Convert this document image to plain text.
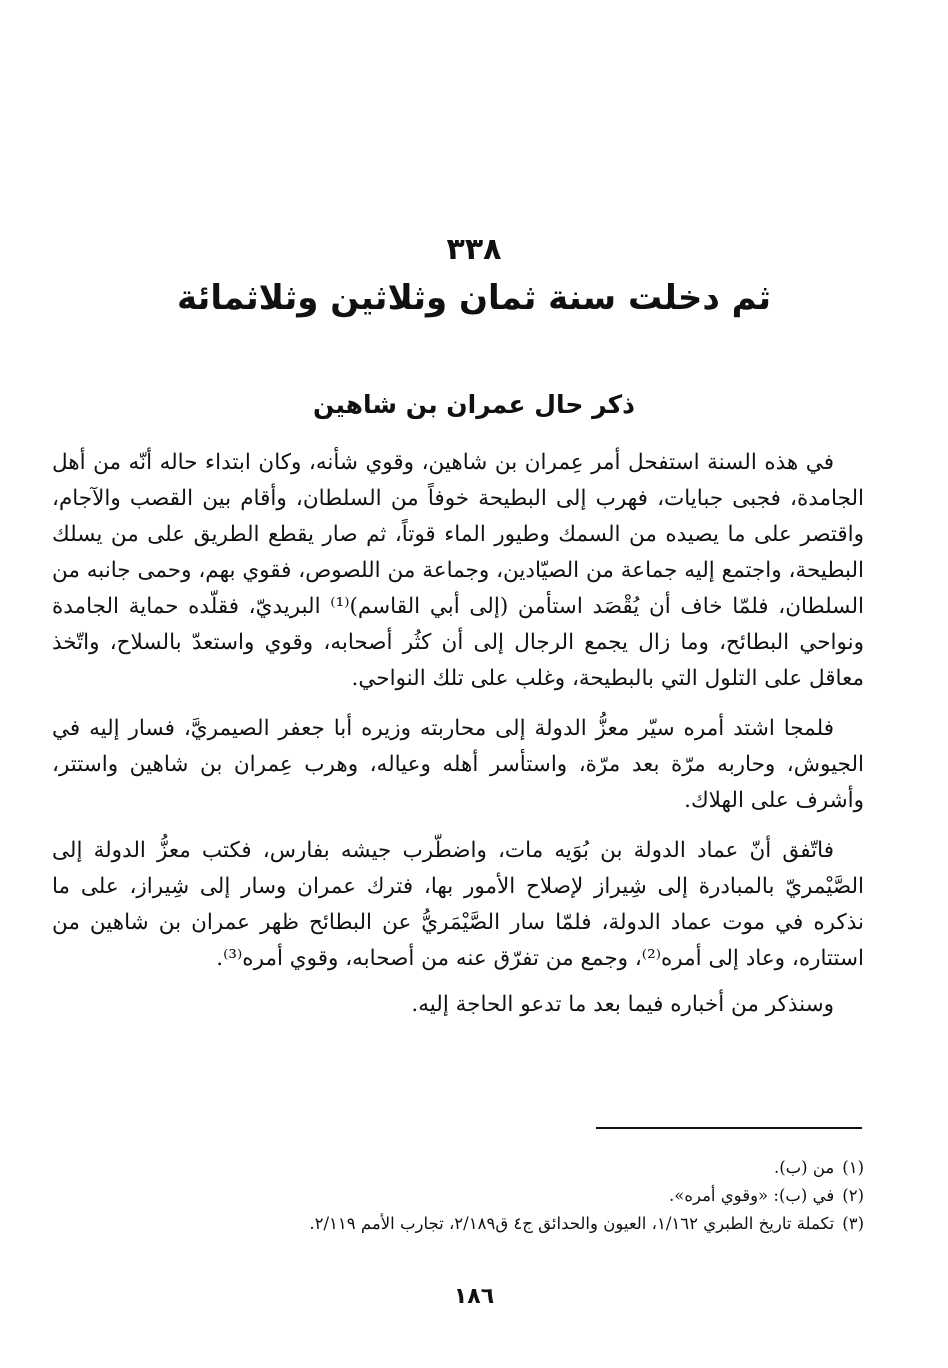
٣٣٨
ثم دخلت سنة ثمان وثلاثين وثلاثمائة
ذكر حال عمران بن شاهين

في هذه السنة استفحل أمر عِمران بن شاهين، وقوي شأنه، وكان ابتداء حاله أنّه من أهل الجامدة، فجبى جبايات، فهرب إلى البطيحة خوفاً من السلطان، وأقام بين القصب والآجام، واقتصر على ما يصيده من السمك وطيور الماء قوتاً، ثم صار يقطع الطريق على من يسلك البطيحة، واجتمع إليه جماعة من الصيّادين، وجماعة من اللصوص، فقوي بهم، وحمى جانبه من السلطان، فلمّا خاف أن يُقْصَد استأمن (إلى أبي القاسم)⁽¹⁾ البريديّ، فقلّده حماية الجامدة ونواحي البطائح، وما زال يجمع الرجال إلى أن كثُر أصحابه، وقوي واستعدّ بالسلاح، واتّخذ معاقل على التلول التي بالبطيحة، وغلب على تلك النواحي.

فلمجا اشتد أمره سيّر معزُّ الدولة إلى محاربته وزيره أبا جعفر الصيمريَّ، فسار إليه في الجيوش، وحاربه مرّة بعد مرّة، واستأسر أهله وعياله، وهرب عِمران بن شاهين واستتر، وأشرف على الهلاك.

فاتّفق أنّ عماد الدولة بن بُوَيه مات، واضطّرب جيشه بفارس، فكتب معزُّ الدولة إلى الصَّيْمريّ بالمبادرة إلى شِيراز لإصلاح الأمور بها، فترك عمران وسار إلى شِيراز، على ما نذكره في موت عماد الدولة، فلمّا سار الصَّيْمَريُّ عن البطائح ظهر عمران بن شاهين من استتاره، وعاد إلى أمره⁽²⁾، وجمع من تفرّق عنه من أصحابه، وقوي أمره⁽³⁾.

وسنذكر من أخباره فيما بعد ما تدعو الحاجة إليه.

(١)من (ب).

(٢)في (ب): «وقوي أمره».

(٣)تكملة تاريخ الطبري ١/١٦٢، العيون والحدائق ج٤ ق٢/١٨٩، تجارب الأمم ٢/١١٩.

١٨٦
